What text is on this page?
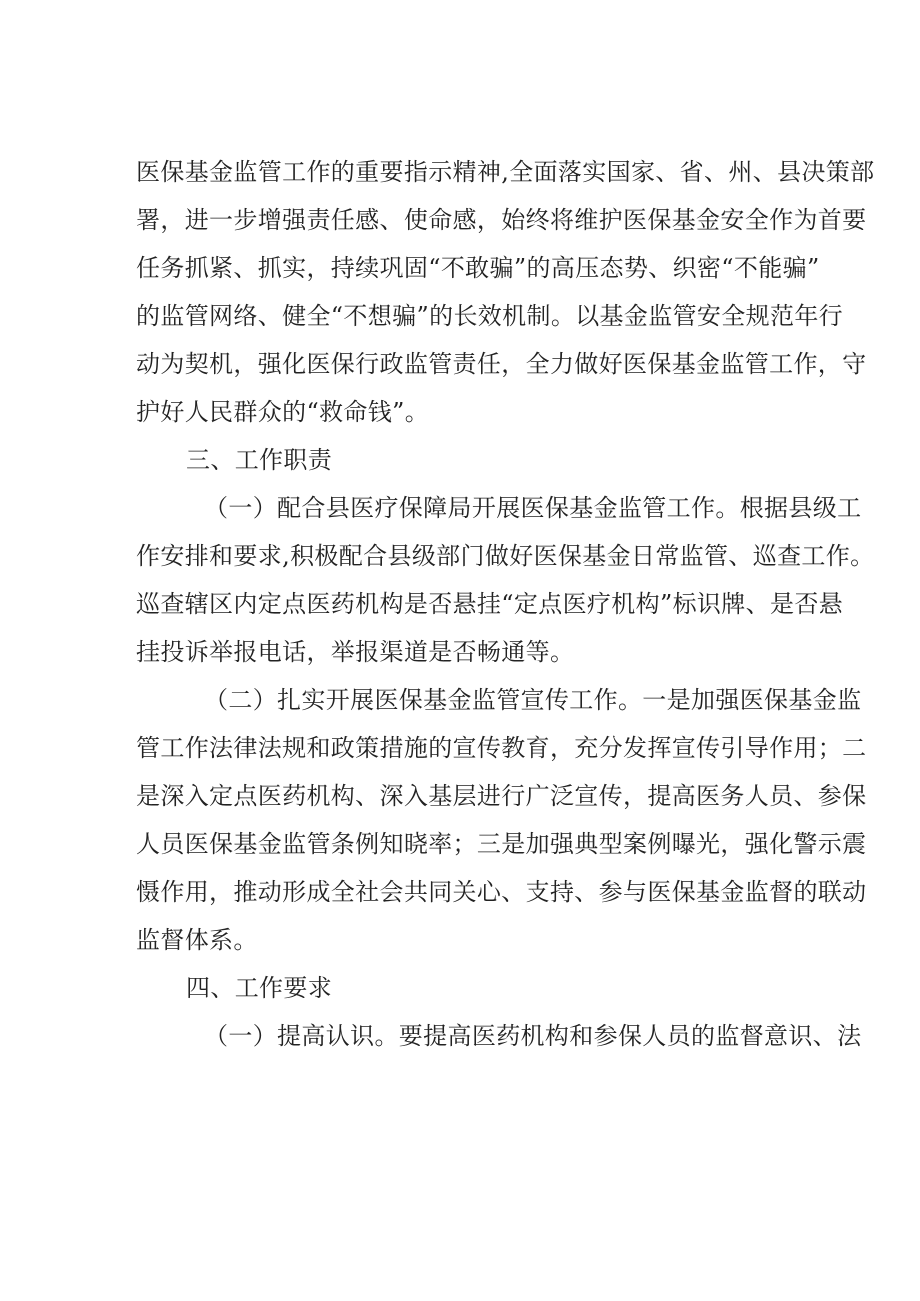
医保基金监管工作的重要指示精神,全面落实国家、省、州、县决策部
署，进一步增强责任感、使命感，始终将维护医保基金安全作为首要
任务抓紧、抓实，持续巩固“不敢骗”的高压态势、织密“不能骗”
的监管网络、健全“不想骗”的长效机制。以基金监管安全规范年行
动为契机，强化医保行政监管责任，全力做好医保基金监管工作，守
护好人民群众的“救命钱”。
三、工作职责
（一）配合县医疗保障局开展医保基金监管工作。根据县级工
作安排和要求,积极配合县级部门做好医保基金日常监管、巡查工作。
巡查辖区内定点医药机构是否悬挂“定点医疗机构”标识牌、是否悬
挂投诉举报电话，举报渠道是否畅通等。
（二）扎实开展医保基金监管宣传工作。一是加强医保基金监
管工作法律法规和政策措施的宣传教育，充分发挥宣传引导作用；二
是深入定点医药机构、深入基层进行广泛宣传，提高医务人员、参保
人员医保基金监管条例知晓率；三是加强典型案例曝光，强化警示震
慑作用，推动形成全社会共同关心、支持、参与医保基金监督的联动
监督体系。
四、工作要求
（一）提高认识。要提高医药机构和参保人员的监督意识、法
